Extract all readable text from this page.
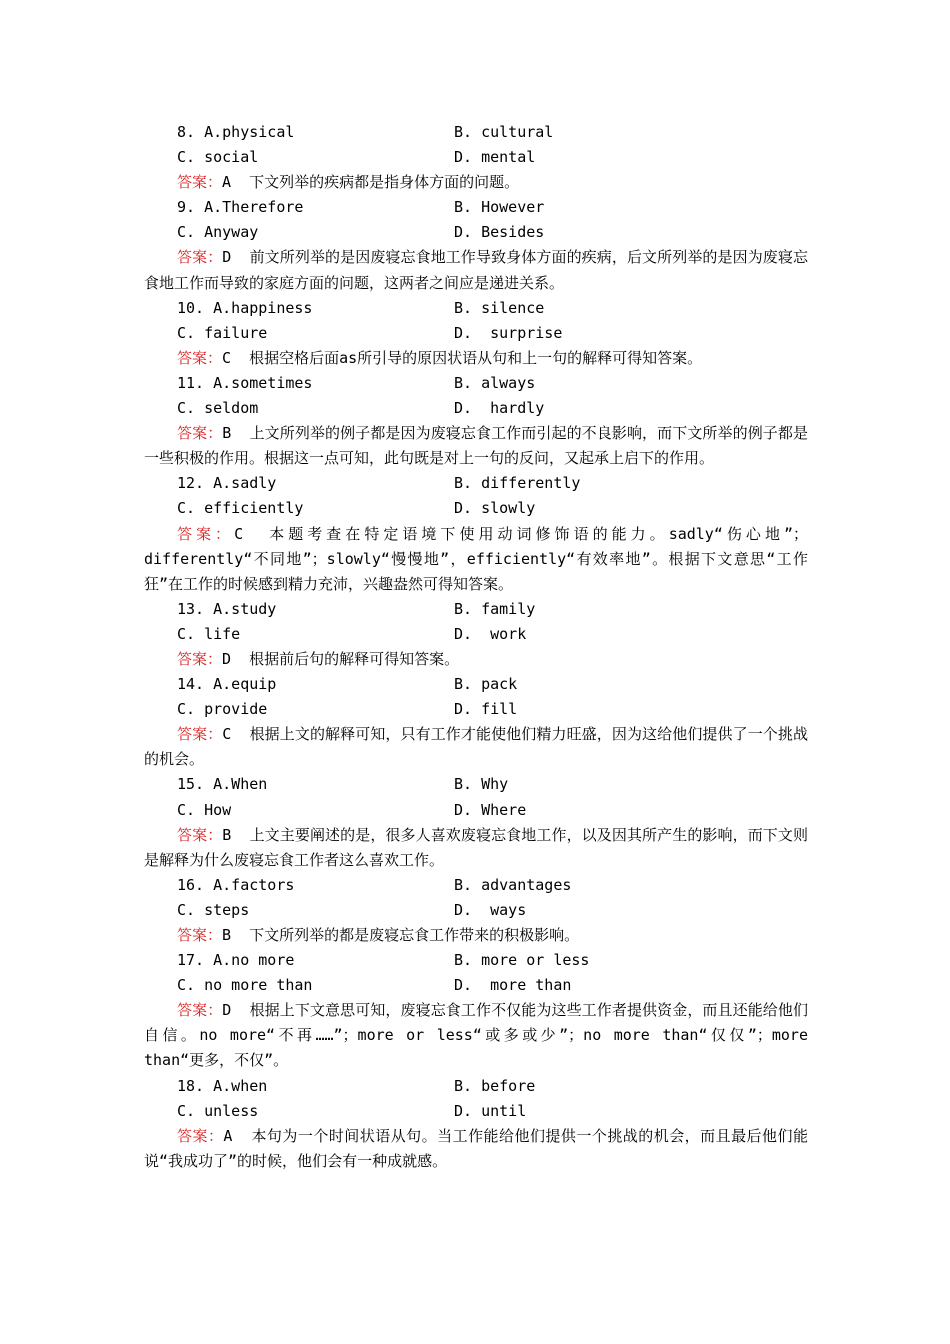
8. A.physical	B. cultural
C. social	D. mental
答案：A  下文列举的疾病都是指身体方面的问题。
9. A.Therefore	B. However
C. Anyway	D. Besides
答案：D  前文所列举的是因废寝忘食地工作导致身体方面的疾病，后文所列举的是因为废寝忘食地工作而导致的家庭方面的问题，这两者之间应是递进关系。
10. A.happiness	B. silence
C. failure	D.  surprise
答案：C  根据空格后面as所引导的原因状语从句和上一句的解释可得知答案。
11. A.sometimes	B. always
C. seldom	D.  hardly
答案：B  上文所列举的例子都是因为废寝忘食工作而引起的不良影响，而下文所举的例子都是一些积极的作用。根据这一点可知，此句既是对上一句的反问，又起承上启下的作用。
12. A.sadly	B. differently
C. efficiently	D. slowly
答案：C  本题考查在特定语境下使用动词修饰语的能力。sadly“伤心地”；differently“不同地”；slowly“慢慢地”，efficiently“有效率地”。根据下文意思“工作狂”在工作的时候感到精力充沛，兴趣盎然可得知答案。
13. A.study	B. family
C. life	D.  work
答案：D  根据前后句的解释可得知答案。
14. A.equip	B. pack
C. provide	D. fill
答案：C  根据上文的解释可知，只有工作才能使他们精力旺盛，因为这给他们提供了一个挑战的机会。
15. A.When	B. Why
C. How	D. Where
答案：B  上文主要阐述的是，很多人喜欢废寝忘食地工作，以及因其所产生的影响，而下文则是解释为什么废寝忘食工作者这么喜欢工作。
16. A.factors	B. advantages
C. steps	D.  ways
答案：B  下文所列举的都是废寝忘食工作带来的积极影响。
17. A.no more	B. more or less
C. no more than	D.  more than
答案：D  根据上下文意思可知，废寝忘食工作不仅能为这些工作者提供资金，而且还能给他们自信。no more“不再……”；more or less“或多或少”；no more than“仅仅”；more than“更多，不仅”。
18. A.when	B. before
C. unless	D. until
答案：A  本句为一个时间状语从句。当工作能给他们提供一个挑战的机会，而且最后他们能说“我成功了”的时候，他们会有一种成就感。
